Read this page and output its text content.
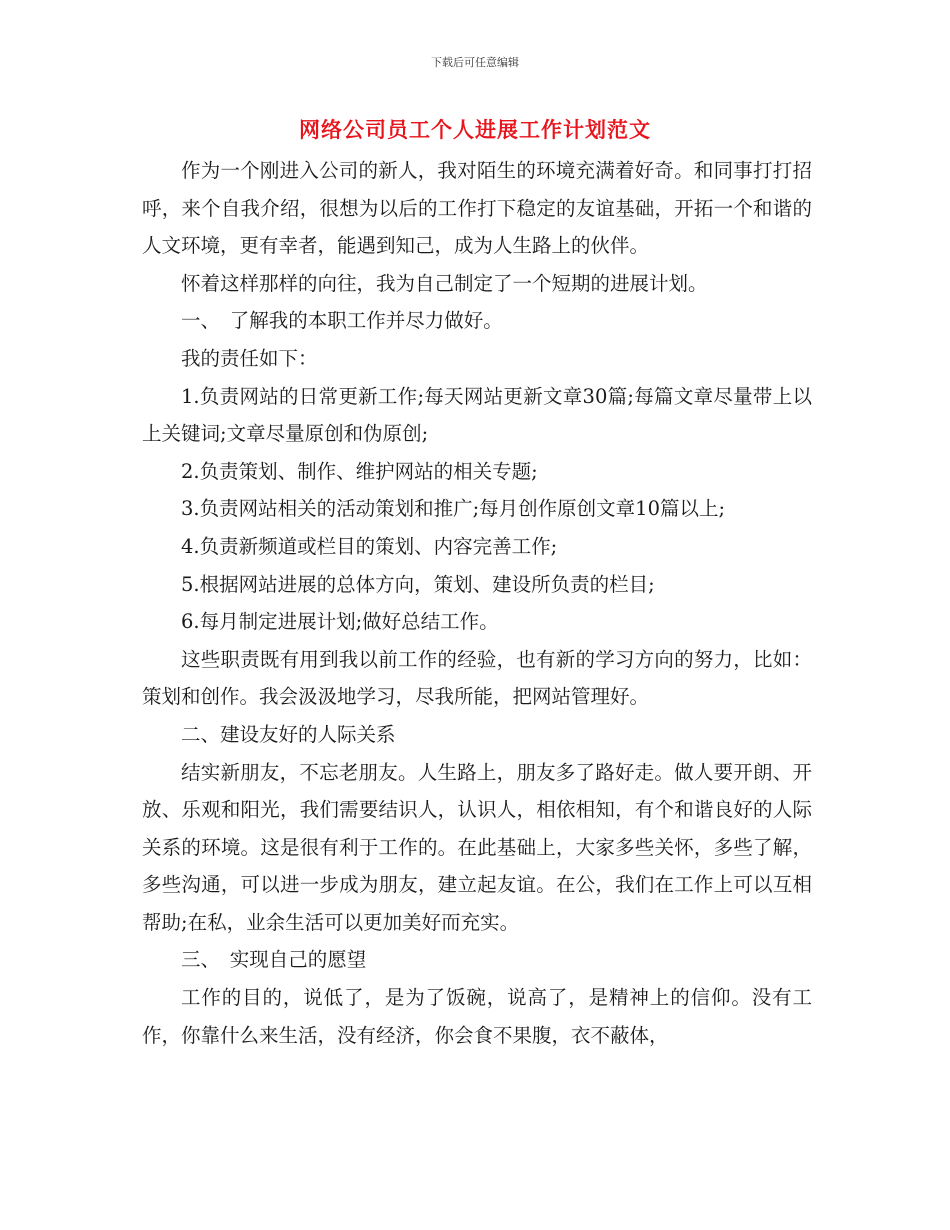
下载后可任意编辑
网络公司员工个人进展工作计划范文

作为一个刚进入公司的新人，我对陌生的环境充满着好奇。和同事打打招呼，来个自我介绍，很想为以后的工作打下稳定的友谊基础，开拓一个和谐的人文环境，更有幸者，能遇到知己，成为人生路上的伙伴。

怀着这样那样的向往，我为自己制定了一个短期的进展计划。

一、　了解我的本职工作并尽力做好。

我的责任如下：

1.负责网站的日常更新工作;每天网站更新文章30篇;每篇文章尽量带上以上关键词;文章尽量原创和伪原创;

2.负责策划、制作、维护网站的相关专题;

3.负责网站相关的活动策划和推广;每月创作原创文章10篇以上;

4.负责新频道或栏目的策划、内容完善工作;

5.根据网站进展的总体方向，策划、建设所负责的栏目;

6.每月制定进展计划;做好总结工作。

这些职责既有用到我以前工作的经验，也有新的学习方向的努力，比如：策划和创作。我会汲汲地学习，尽我所能，把网站管理好。

二、建设友好的人际关系

结实新朋友，不忘老朋友。人生路上，朋友多了路好走。做人要开朗、开放、乐观和阳光，我们需要结识人，认识人，相依相知，有个和谐良好的人际关系的环境。这是很有利于工作的。在此基础上，大家多些关怀，多些了解，多些沟通，可以进一步成为朋友，建立起友谊。在公，我们在工作上可以互相帮助;在私，业余生活可以更加美好而充实。

三、　实现自己的愿望

工作的目的，说低了，是为了饭碗，说高了，是精神上的信仰。没有工作，你靠什么来生活，没有经济，你会食不果腹，衣不蔽体，
